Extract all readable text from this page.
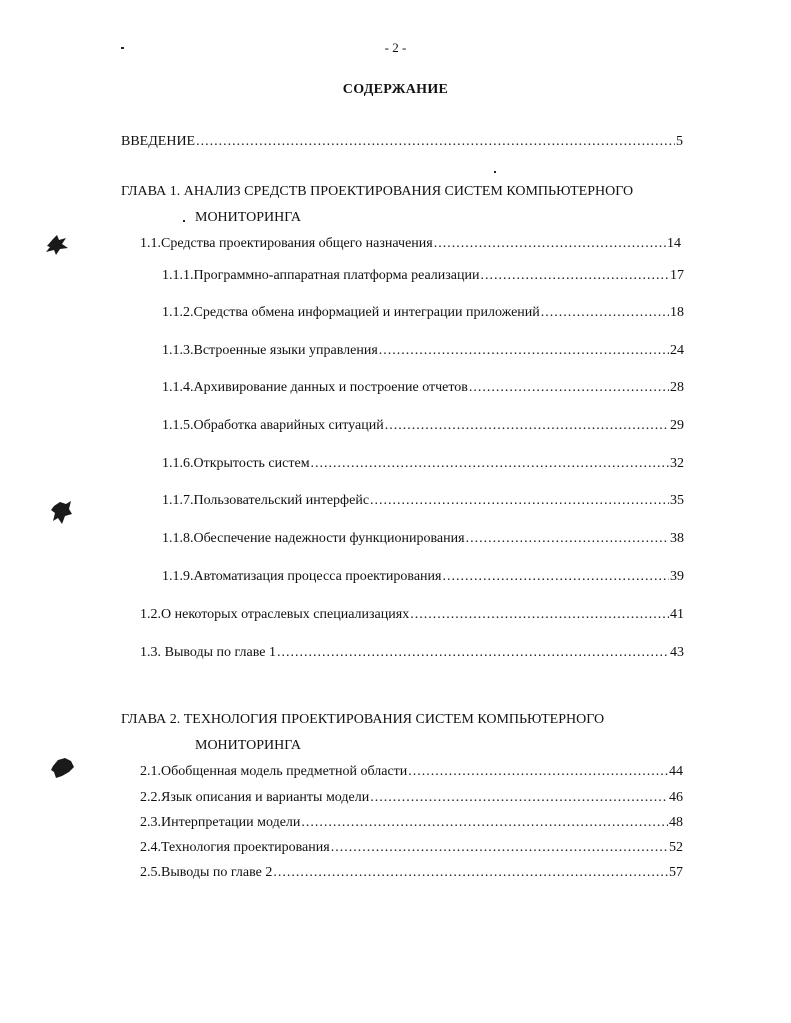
- 2 -
СОДЕРЖАНИЕ
ВВЕДЕНИЕ .....	5
ГЛАВА 1. АНАЛИЗ СРЕДСТВ ПРОЕКТИРОВАНИЯ СИСТЕМ КОМПЬЮТЕРНОГО
МОНИТОРИНГА
1.1. Средства проектирования общего назначения .....	14
1.1.1. Программно-аппаратная платформа реализации .....	17
1.1.2. Средства обмена информацией и интеграции приложений .....	18
1.1.3. Встроенные языки управления .....	24
1.1.4. Архивирование данных и построение отчетов .....	28
1.1.5. Обработка аварийных ситуаций .....	29
1.1.6. Открытость систем .....	32
1.1.7. Пользовательский интерфейс .....	35
1.1.8. Обеспечение надежности функционирования .....	38
1.1.9. Автоматизация процесса проектирования .....	39
1.2. О некоторых отраслевых специализациях .....	41
1.3. Выводы по главе 1 .....	43
ГЛАВА 2. ТЕХНОЛОГИЯ ПРОЕКТИРОВАНИЯ СИСТЕМ КОМПЬЮТЕРНОГО
МОНИТОРИНГА
2.1. Обобщенная модель предметной области .....	44
2.2. Язык описания и варианты модели .....	46
2.3. Интерпретации модели .....	48
2.4. Технология проектирования .....	52
2.5. Выводы по главе 2 .....	57
